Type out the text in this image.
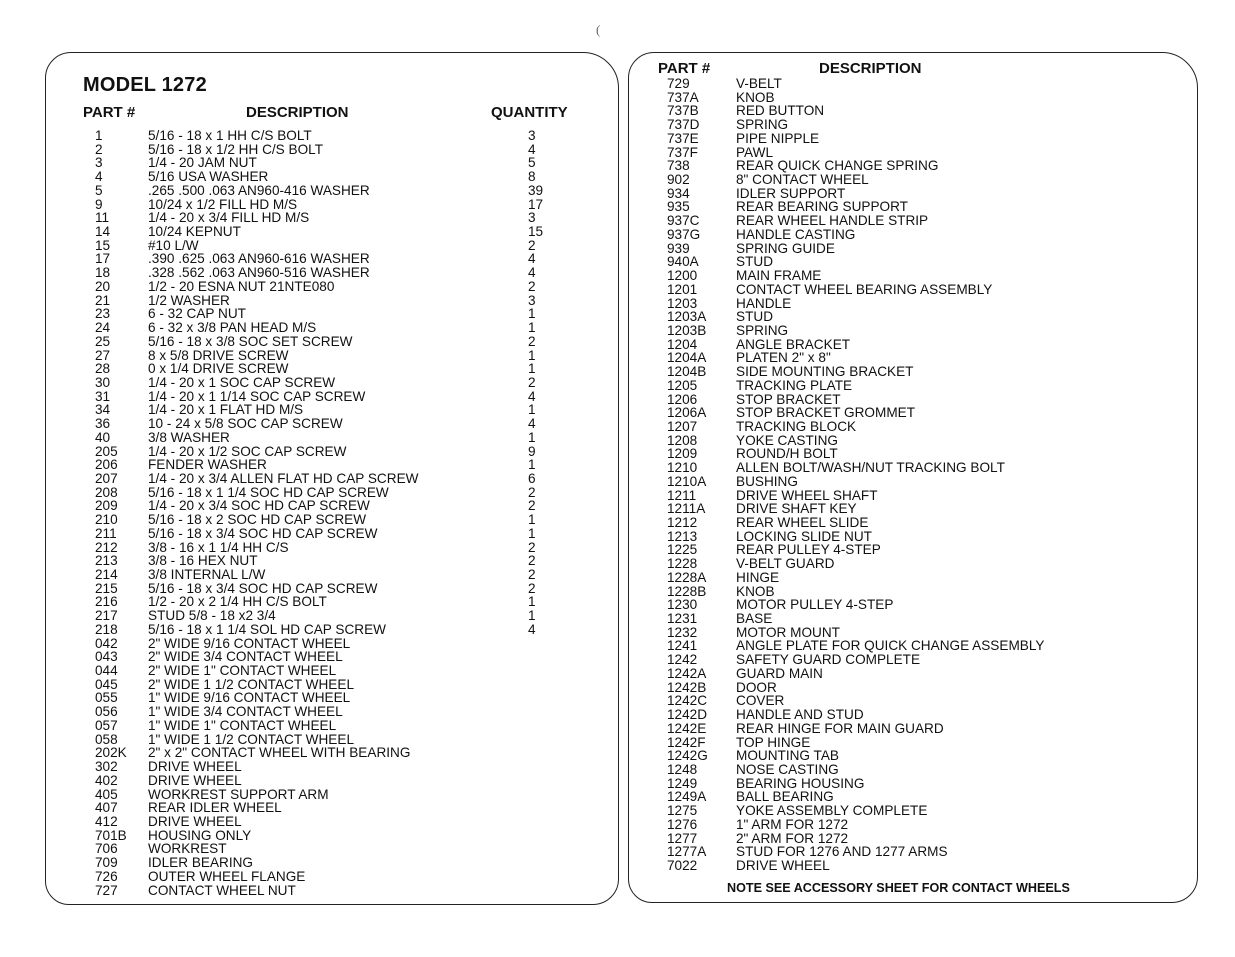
(
MODEL 1272
PART #	DESCRIPTION	QUANTITY
PART #	DESCRIPTION
1	5/16 - 18 x 1 HH C/S BOLT	3
2	5/16 - 18 x 1/2 HH C/S BOLT	4
3	1/4 - 20 JAM NUT	5
4	5/16 USA WASHER	8
5	.265 .500 .063 AN960-416 WASHER	39
9	10/24 x 1/2 FILL HD M/S	17
11	1/4 - 20 x 3/4 FILL HD M/S	3
14	10/24 KEPNUT	15
15	#10 L/W	2
17	.390 .625 .063 AN960-616 WASHER	4
18	.328 .562 .063 AN960-516 WASHER	4
20	1/2 - 20 ESNA NUT 21NTE080	2
21	1/2 WASHER	3
23	6 - 32 CAP NUT	1
24	6 - 32 x 3/8 PAN HEAD M/S	1
25	5/16 - 18 x 3/8 SOC SET SCREW	2
27	8 x 5/8 DRIVE SCREW	1
28	0 x 1/4 DRIVE SCREW	1
30	1/4 - 20 x 1 SOC CAP SCREW	2
31	1/4 - 20 x 1 1/14 SOC CAP SCREW	4
34	1/4 - 20 x 1 FLAT HD M/S	1
36	10 - 24 x 5/8 SOC CAP SCREW	4
40	3/8 WASHER	1
205 1/4 - 20 x 1/2 SOC CAP SCREW	9
206 FENDER WASHER	1
207 1/4 - 20 x 3/4 ALLEN FLAT HD CAP SCREW	6
208 5/16 - 18 x 1 1/4 SOC HD CAP SCREW	2
209 1/4 - 20 x 3/4 SOC HD CAP SCREW	2
210 5/16 - 18 x 2 SOC HD CAP SCREW	1
211 5/16 - 18 x 3/4 SOC HD CAP SCREW	1
212 3/8 - 16 x 1 1/4 HH C/S	2
213 3/8 - 16 HEX NUT	2
214 3/8 INTERNAL L/W	2
215 5/16 - 18 x 3/4 SOC HD CAP SCREW	2
216 1/2 - 20 x 2 1/4 HH C/S BOLT	1
217 STUD 5/8 - 18 x2 3/4	1
218 5/16 - 18 x 1 1/4 SOL HD CAP SCREW	4
042 2" WIDE 9/16 CONTACT WHEEL
043 2" WIDE 3/4 CONTACT WHEEL
044 2" WIDE 1" CONTACT WHEEL
045 2" WIDE 1 1/2 CONTACT WHEEL
055 1" WIDE 9/16 CONTACT WHEEL
056 1" WIDE 3/4 CONTACT WHEEL
057 1" WIDE 1" CONTACT WHEEL
058 1" WIDE 1 1/2 CONTACT WHEEL
202K 2" x 2" CONTACT WHEEL WITH BEARING
302 DRIVE WHEEL
402 DRIVE WHEEL
405 WORKREST SUPPORT ARM
407 REAR IDLER WHEEL
412 DRIVE WHEEL
701B HOUSING ONLY
706 WORKREST
709 IDLER BEARING
726 OUTER WHEEL FLANGE
727 CONTACT WHEEL NUT
729	V-BELT
737A	KNOB
737B	RED BUTTON
737D	SPRING
737E	PIPE NIPPLE
737F	PAWL
738	REAR QUICK CHANGE SPRING
902	8" CONTACT WHEEL
934	IDLER SUPPORT
935	REAR BEARING SUPPORT
937C	REAR WHEEL HANDLE STRIP
937G	HANDLE CASTING
939	SPRING GUIDE
940A	STUD
1200	MAIN FRAME
1201	CONTACT WHEEL BEARING ASSEMBLY
1203	HANDLE
1203A STUD
1203B SPRING
1204	ANGLE BRACKET
1204A PLATEN 2" x 8"
1204B SIDE MOUNTING BRACKET
1205	TRACKING PLATE
1206	STOP BRACKET
1206A STOP BRACKET GROMMET
1207	TRACKING BLOCK
1208	YOKE CASTING
1209	ROUND/H BOLT
1210	ALLEN BOLT/WASH/NUT TRACKING BOLT
1210A BUSHING
1211	DRIVE WHEEL SHAFT
1211A DRIVE SHAFT KEY
1212	REAR WHEEL SLIDE
1213	LOCKING SLIDE NUT
1225	REAR PULLEY 4-STEP
1228	V-BELT GUARD
1228A HINGE
1228B KNOB
1230	MOTOR PULLEY 4-STEP
1231	BASE
1232	MOTOR MOUNT
1241	ANGLE PLATE FOR QUICK CHANGE ASSEMBLY
1242	SAFETY GUARD COMPLETE
1242A GUARD MAIN
1242B DOOR
1242C COVER
1242D HANDLE AND STUD
1242E REAR HINGE FOR MAIN GUARD
1242F TOP HINGE
1242G MOUNTING TAB
1248	NOSE CASTING
1249	BEARING HOUSING
1249A BALL BEARING
1275	YOKE ASSEMBLY COMPLETE
1276	1" ARM FOR 1272
1277	2" ARM FOR 1272
1277A STUD FOR 1276 AND 1277 ARMS
7022	DRIVE WHEEL
NOTE SEE ACCESSORY SHEET FOR CONTACT WHEELS
